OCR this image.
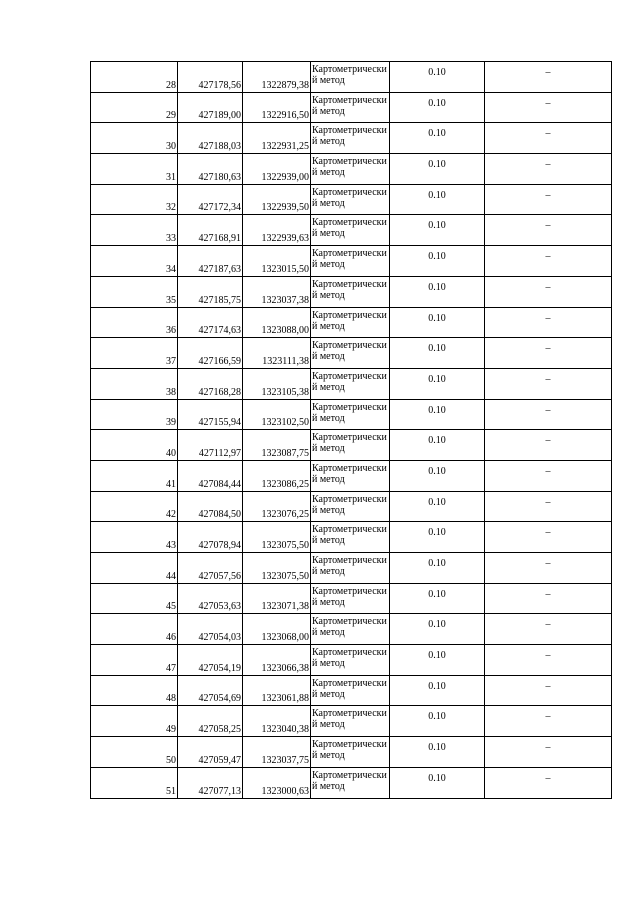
28	427178,56	1322879,38	Картометрический метод	0.10	–
29	427189,00	1322916,50	Картометрический метод	0.10	–
30	427188,03	1322931,25	Картометрический метод	0.10	–
31	427180,63	1322939,00	Картометрический метод	0.10	–
32	427172,34	1322939,50	Картометрический метод	0.10	–
33	427168,91	1322939,63	Картометрический метод	0.10	–
34	427187,63	1323015,50	Картометрический метод	0.10	–
35	427185,75	1323037,38	Картометрический метод	0.10	–
36	427174,63	1323088,00	Картометрический метод	0.10	–
37	427166,59	1323111,38	Картометрический метод	0.10	–
38	427168,28	1323105,38	Картометрический метод	0.10	–
39	427155,94	1323102,50	Картометрический метод	0.10	–
40	427112,97	1323087,75	Картометрический метод	0.10	–
41	427084,44	1323086,25	Картометрический метод	0.10	–
42	427084,50	1323076,25	Картометрический метод	0.10	–
43	427078,94	1323075,50	Картометрический метод	0.10	–
44	427057,56	1323075,50	Картометрический метод	0.10	–
45	427053,63	1323071,38	Картометрический метод	0.10	–
46	427054,03	1323068,00	Картометрический метод	0.10	–
47	427054,19	1323066,38	Картометрический метод	0.10	–
48	427054,69	1323061,88	Картометрический метод	0.10	–
49	427058,25	1323040,38	Картометрический метод	0.10	–
50	427059,47	1323037,75	Картометрический метод	0.10	–
51	427077,13	1323000,63	Картометрический метод	0.10	–
